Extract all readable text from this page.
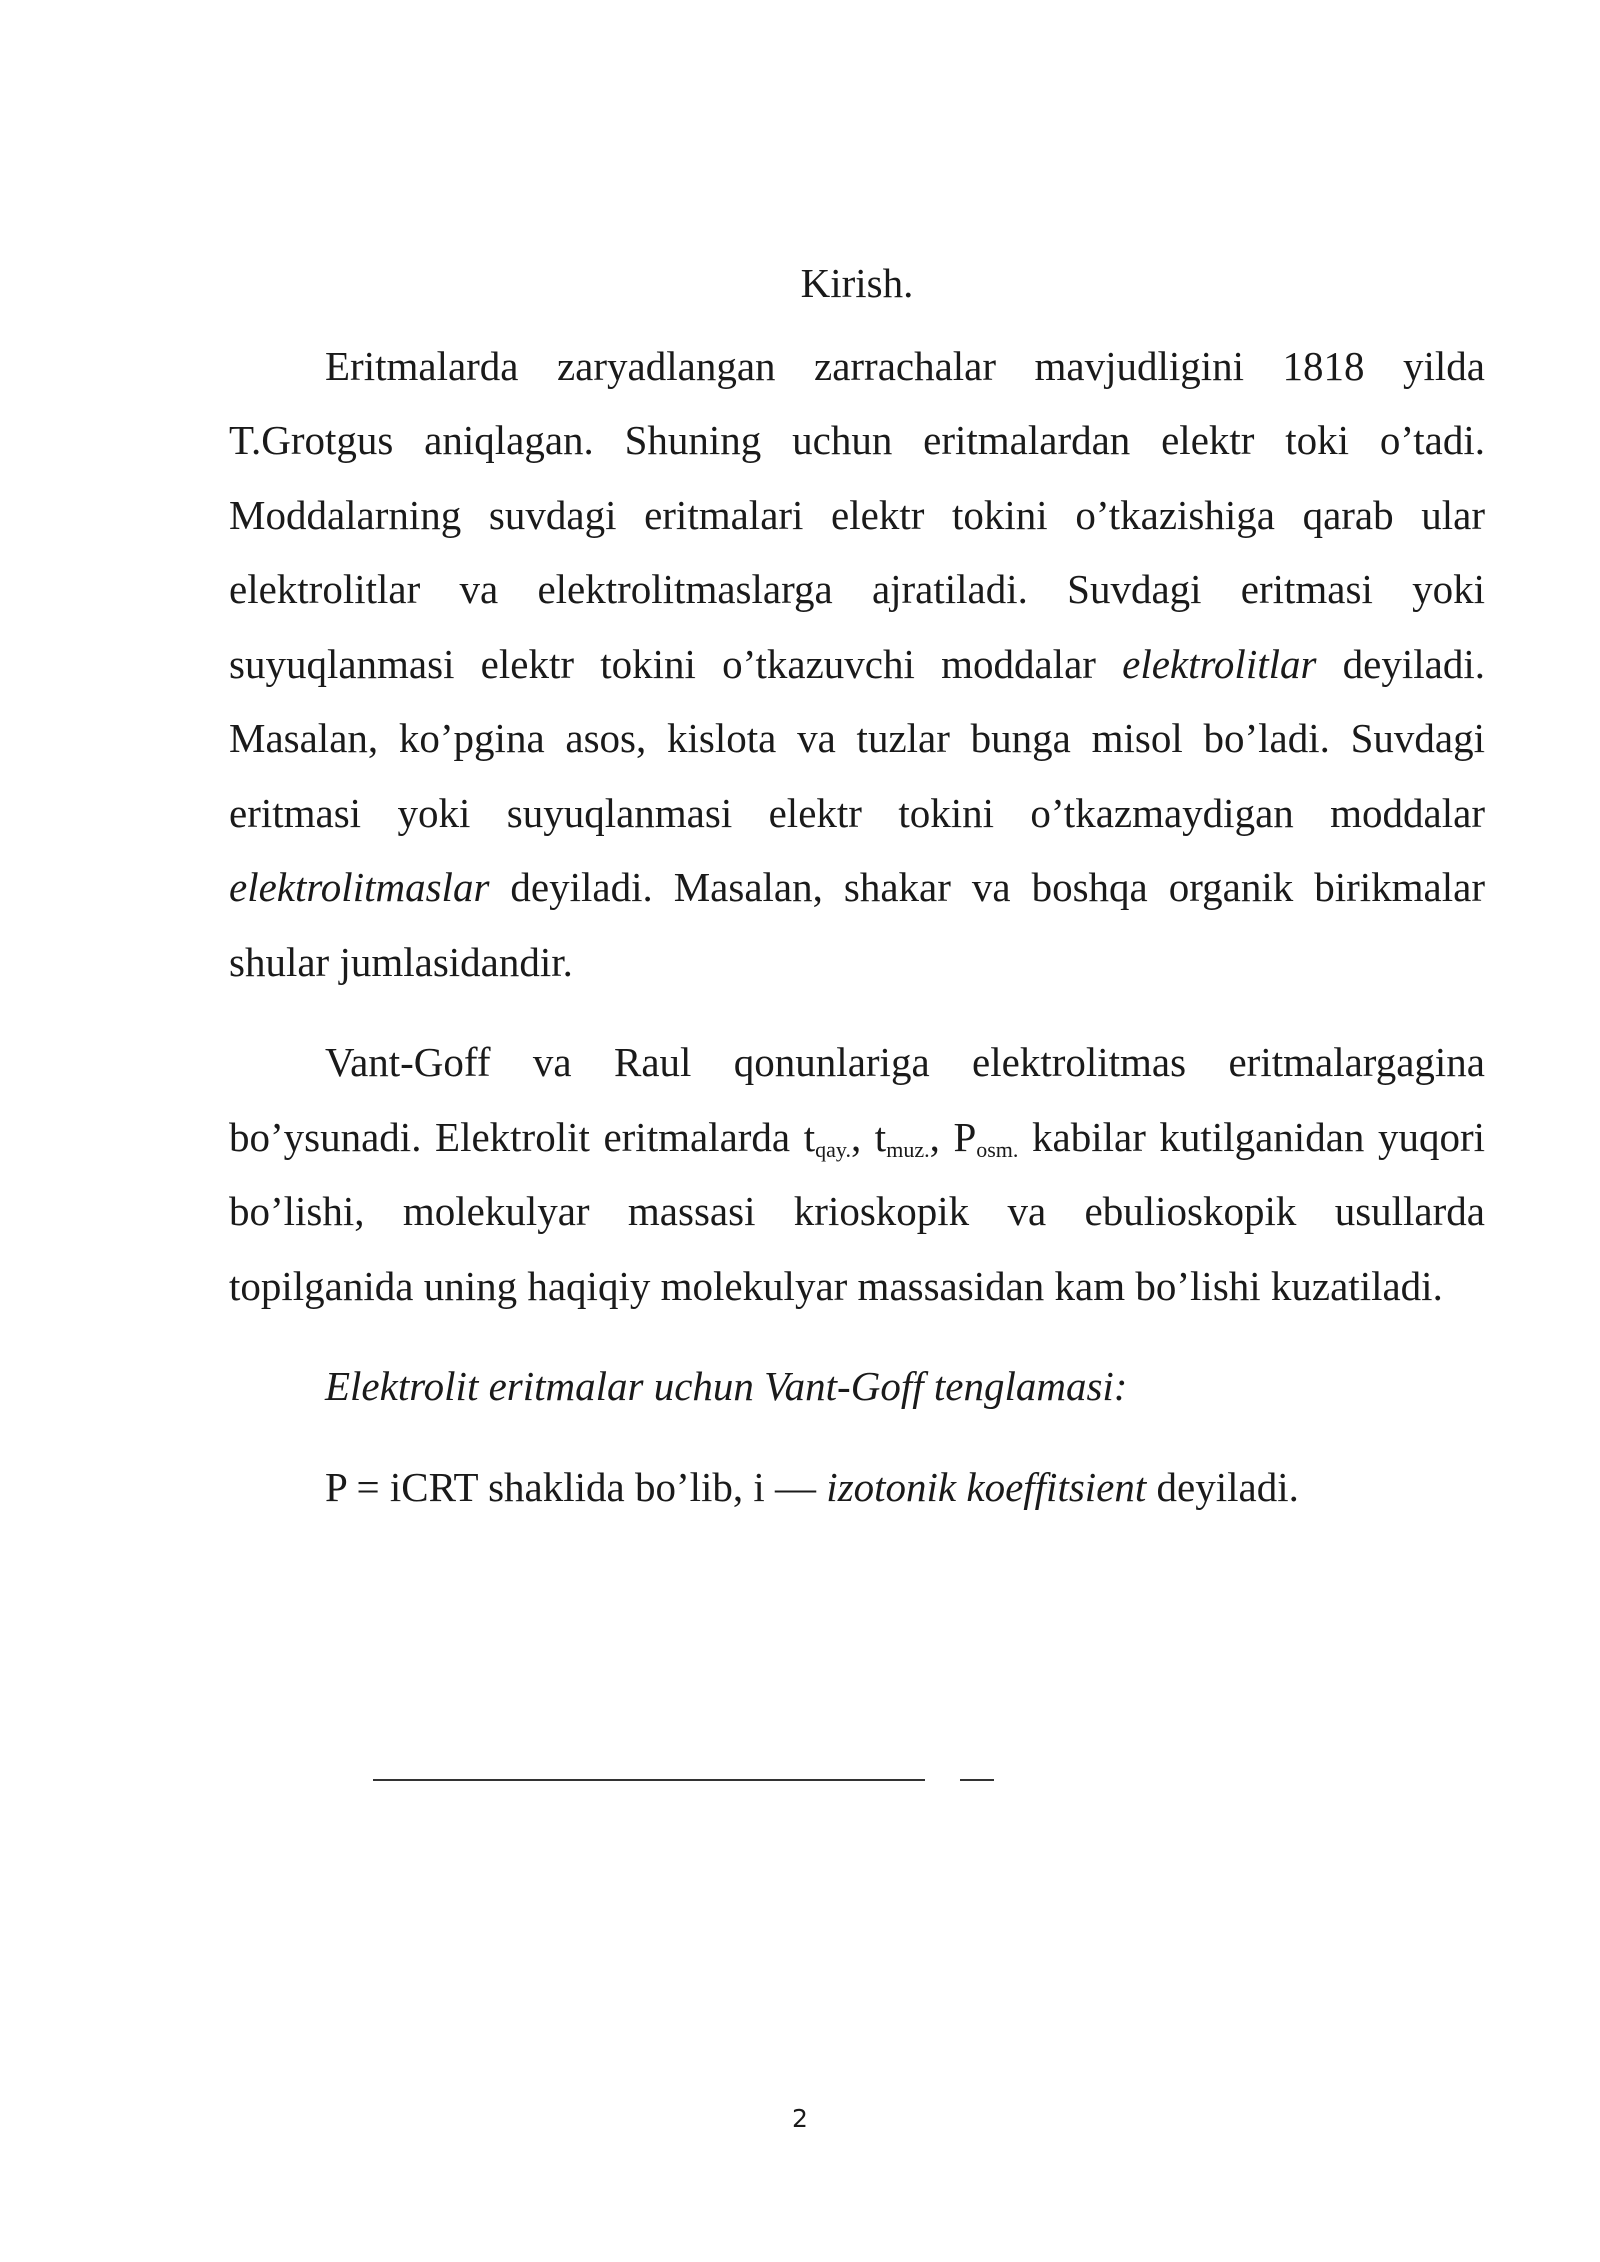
Kirish.

Eritmalarda zaryadlangan zarrachalar mavjudligini 1818 yilda T.Grotgus aniqlagan. Shuning uchun eritmalardan elektr toki o’tadi. Moddalarning suvdagi eritmalari elektr tokini o’tkazishiga qarab ular elektrolitlar va elektrolitmaslarga ajratiladi. Suvdagi eritmasi yoki suyuqlanmasi elektr tokini o’tkazuvchi moddalar elektrolitlar deyiladi. Masalan, ko’pgina asos, kislota va tuzlar bunga misol bo’ladi. Suvdagi eritmasi yoki suyuqlanmasi elektr tokini o’tkazmaydigan moddalar elektrolitmaslar deyiladi. Masalan, shakar va boshqa organik birikmalar shular jumlasidandir.

Vant-Goff va Raul qonunlariga elektrolitmas eritmalargagina bo’ysunadi. Elektrolit eritmalarda $t_{qay.}$, $t_{muz.}$, $P_{osm.}$ kabilar kutilganidan yuqori bo’lishi, molekulyar massasi krioskopik va ebulioskopik usullarda topilganida uning haqiqiy molekulyar massasidan kam bo’lishi kuzatiladi.

Elektrolit eritmalar uchun Vant-Goff tenglamasi:

P = iCRT shaklida bo’lib, i — izotonik koeffitsient deyiladi.

2
